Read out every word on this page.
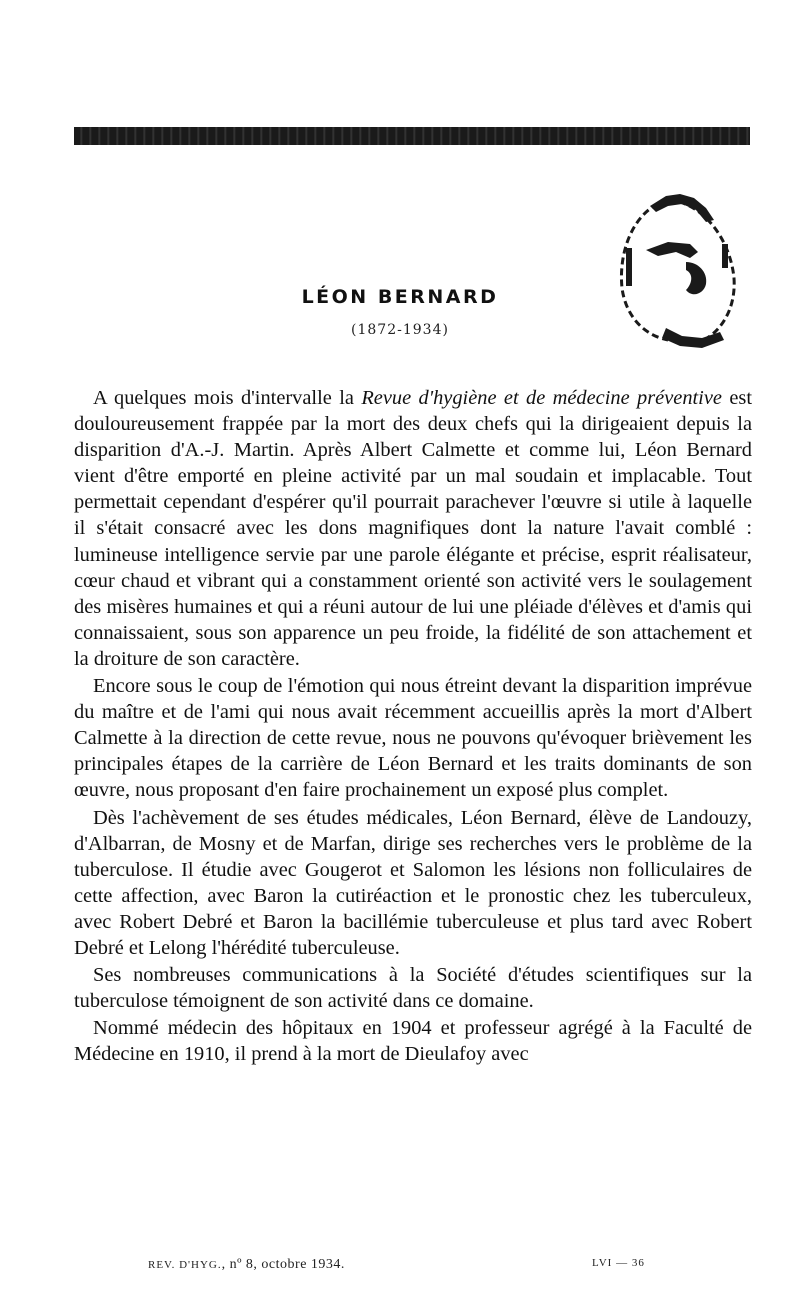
LÉON BERNARD
(1872-1934)

A quelques mois d'intervalle la Revue d'hygiène et de médecine préventive est douloureusement frappée par la mort des deux chefs qui la dirigeaient depuis la disparition d'A.-J. Martin. Après Albert Calmette et comme lui, Léon Bernard vient d'être emporté en pleine activité par un mal soudain et implacable. Tout permettait cependant d'espérer qu'il pourrait parachever l'œuvre si utile à laquelle il s'était consacré avec les dons magnifiques dont la nature l'avait comblé : lumineuse intelligence servie par une parole élégante et précise, esprit réalisateur, cœur chaud et vibrant qui a constamment orienté son activité vers le soulagement des misères humaines et qui a réuni autour de lui une pléiade d'élèves et d'amis qui connaissaient, sous son apparence un peu froide, la fidélité de son attachement et la droiture de son caractère.

Encore sous le coup de l'émotion qui nous étreint devant la disparition imprévue du maître et de l'ami qui nous avait récemment accueillis après la mort d'Albert Calmette à la direction de cette revue, nous ne pouvons qu'évoquer brièvement les principales étapes de la carrière de Léon Bernard et les traits dominants de son œuvre, nous proposant d'en faire prochainement un exposé plus complet.

Dès l'achèvement de ses études médicales, Léon Bernard, élève de Landouzy, d'Albarran, de Mosny et de Marfan, dirige ses recherches vers le problème de la tuberculose. Il étudie avec Gougerot et Salomon les lésions non folliculaires de cette affection, avec Baron la cutiréaction et le pronostic chez les tuberculeux, avec Robert Debré et Baron la bacillémie tuberculeuse et plus tard avec Robert Debré et Lelong l'hérédité tuberculeuse.

Ses nombreuses communications à la Société d'études scientifiques sur la tuberculose témoignent de son activité dans ce domaine.

Nommé médecin des hôpitaux en 1904 et professeur agrégé à la Faculté de Médecine en 1910, il prend à la mort de Dieulafoy avec

REV. D'HYG., nº 8, octobre 1934.	LVI — 36
